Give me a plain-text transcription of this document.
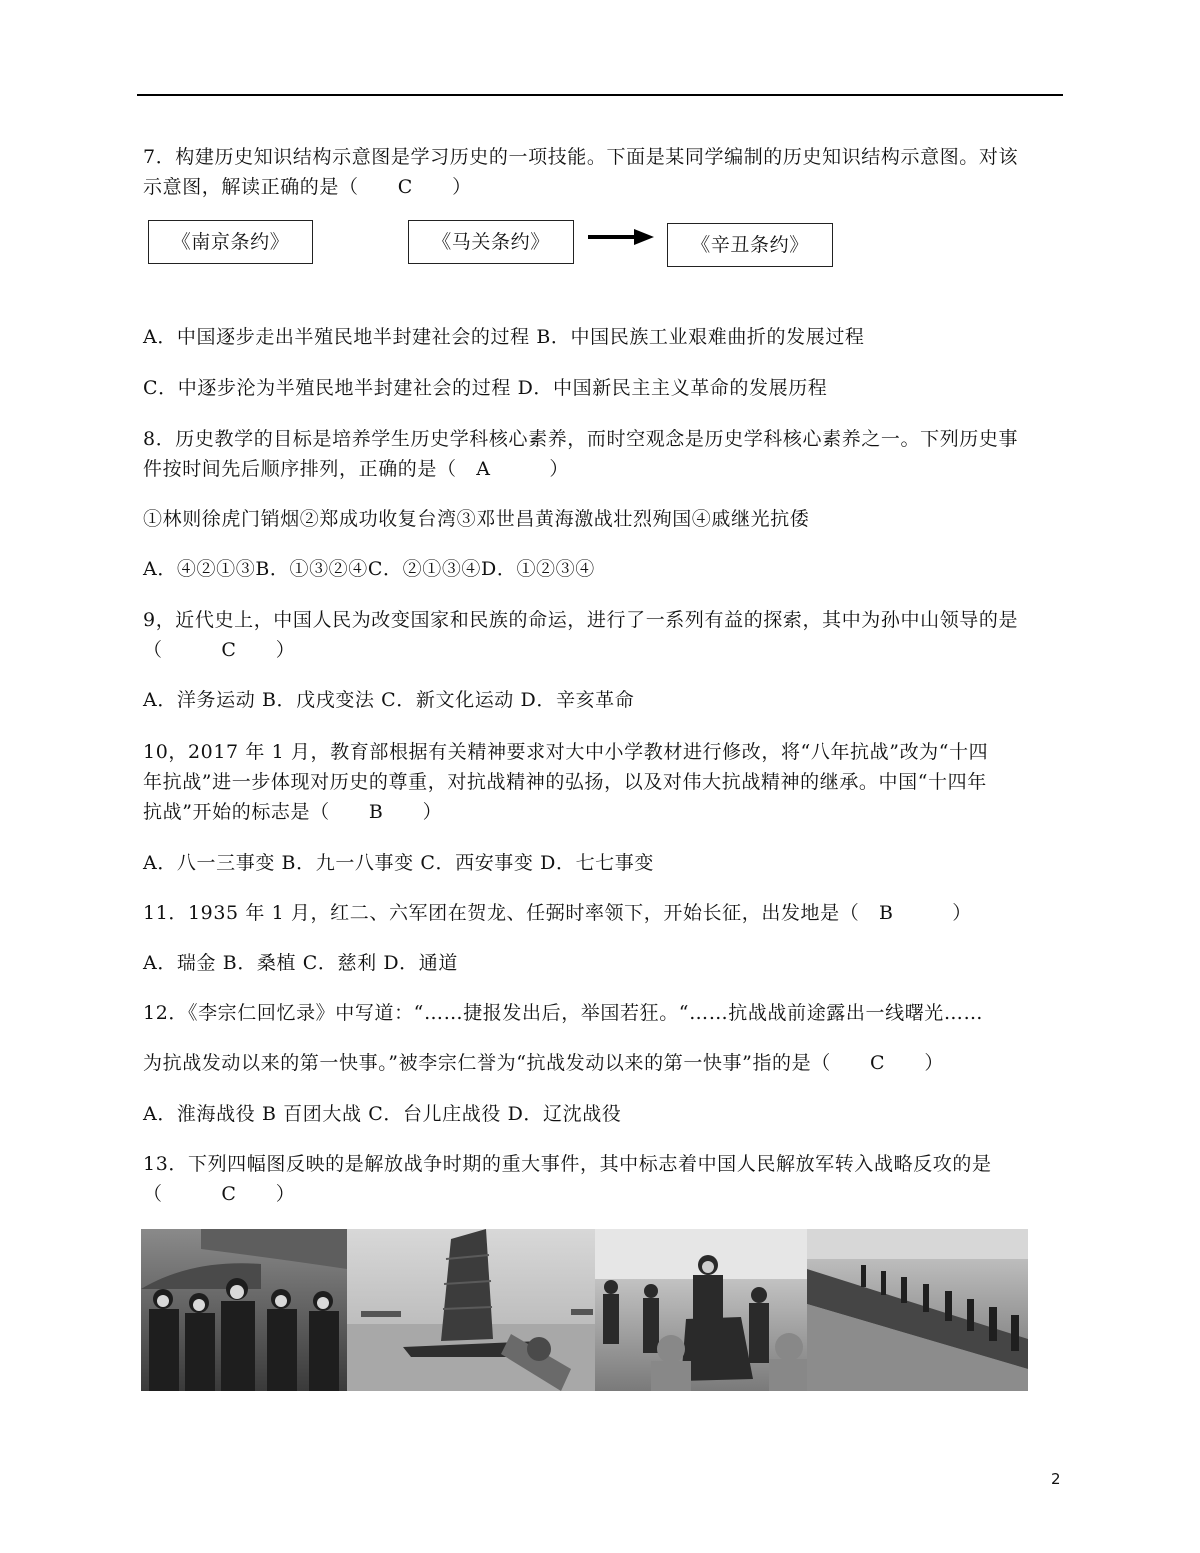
7．构建历史知识结构示意图是学习历史的一项技能。下面是某同学编制的历史知识结构示意图。对该
示意图，解读正确的是（　　C　　）
《南京条约》	《马关条约》	《辛丑条约》
A．中国逐步走出半殖民地半封建社会的过程 B．中国民族工业艰难曲折的发展过程
C．中逐步沦为半殖民地半封建社会的过程 D．中国新民主主义革命的发展历程
8．历史教学的目标是培养学生历史学科核心素养，而时空观念是历史学科核心素养之一。下列历史事
件按时间先后顺序排列，正确的是（　A　　　）
①林则徐虎门销烟②郑成功收复台湾③邓世昌黄海激战壮烈殉国④戚继光抗倭
A．④②①③B．①③②④C．②①③④D．①②③④
9，近代史上，中国人民为改变国家和民族的命运，进行了一系列有益的探索，其中为孙中山领导的是
（　　　C　　）
A．洋务运动 B．戊戌变法 C．新文化运动 D．辛亥革命
10，2017 年 1 月，教育部根据有关精神要求对大中小学教材进行修改，将“八年抗战”改为“十四
年抗战”进一步体现对历史的尊重，对抗战精神的弘扬，以及对伟大抗战精神的继承。中国“十四年
抗战”开始的标志是（　　B　　）
A．八一三事变 B．九一八事变 C．西安事变 D．七七事变
11．1935 年 1 月，红二、六军团在贺龙、任弼时率领下，开始长征，出发地是（　B　　　）
A．瑞金 B．桑植 C．慈利 D．通道
12．《李宗仁回忆录》中写道：“……捷报发出后，举国若狂。“……抗战战前途露出一线曙光……
为抗战发动以来的第一快事。”被李宗仁誉为“抗战发动以来的第一快事”指的是（　　C　　）
A．淮海战役 B 百团大战 C．台儿庄战役 D．辽沈战役
13．下列四幅图反映的是解放战争时期的重大事件，其中标志着中国人民解放军转入战略反攻的是
（　　　C　　）
2
